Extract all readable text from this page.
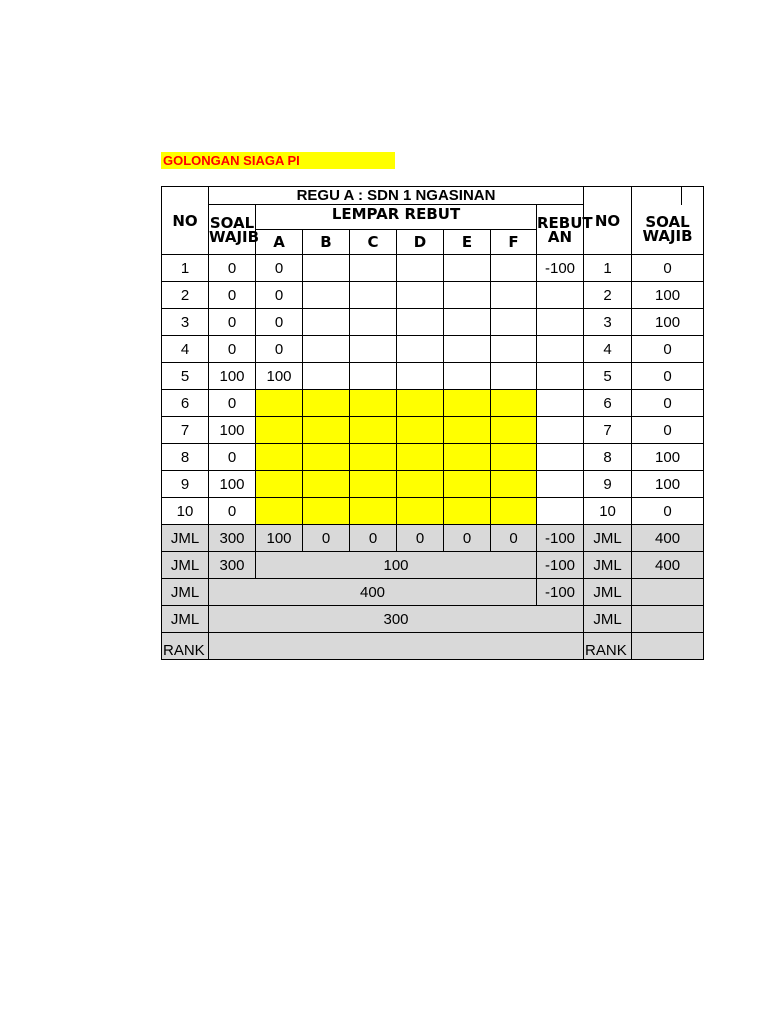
GOLONGAN SIAGA PI
NO	REGU A : SDN 1 NGASINAN								NO		
	SOAL WAJIB	LEMPAR REBUT						REBUT AN		SOAL WAJIB	
		A	B	C	D	E	F				
1	0	0						-100	1	0	
2	0	0							2	100	
3	0	0							3	100	
4	0	0							4	0	
5	100	100							5	0	
6	0								6	0	
7	100								7	0	
8	0								8	100	
9	100								9	100	
10	0								10	0	
JML	300	100	0	0	0	0	0	-100	JML	400	
JML	300	100						-100	JML	400	
JML	400							-100	JML		
JML	300								JML		
RANK									RANK		
